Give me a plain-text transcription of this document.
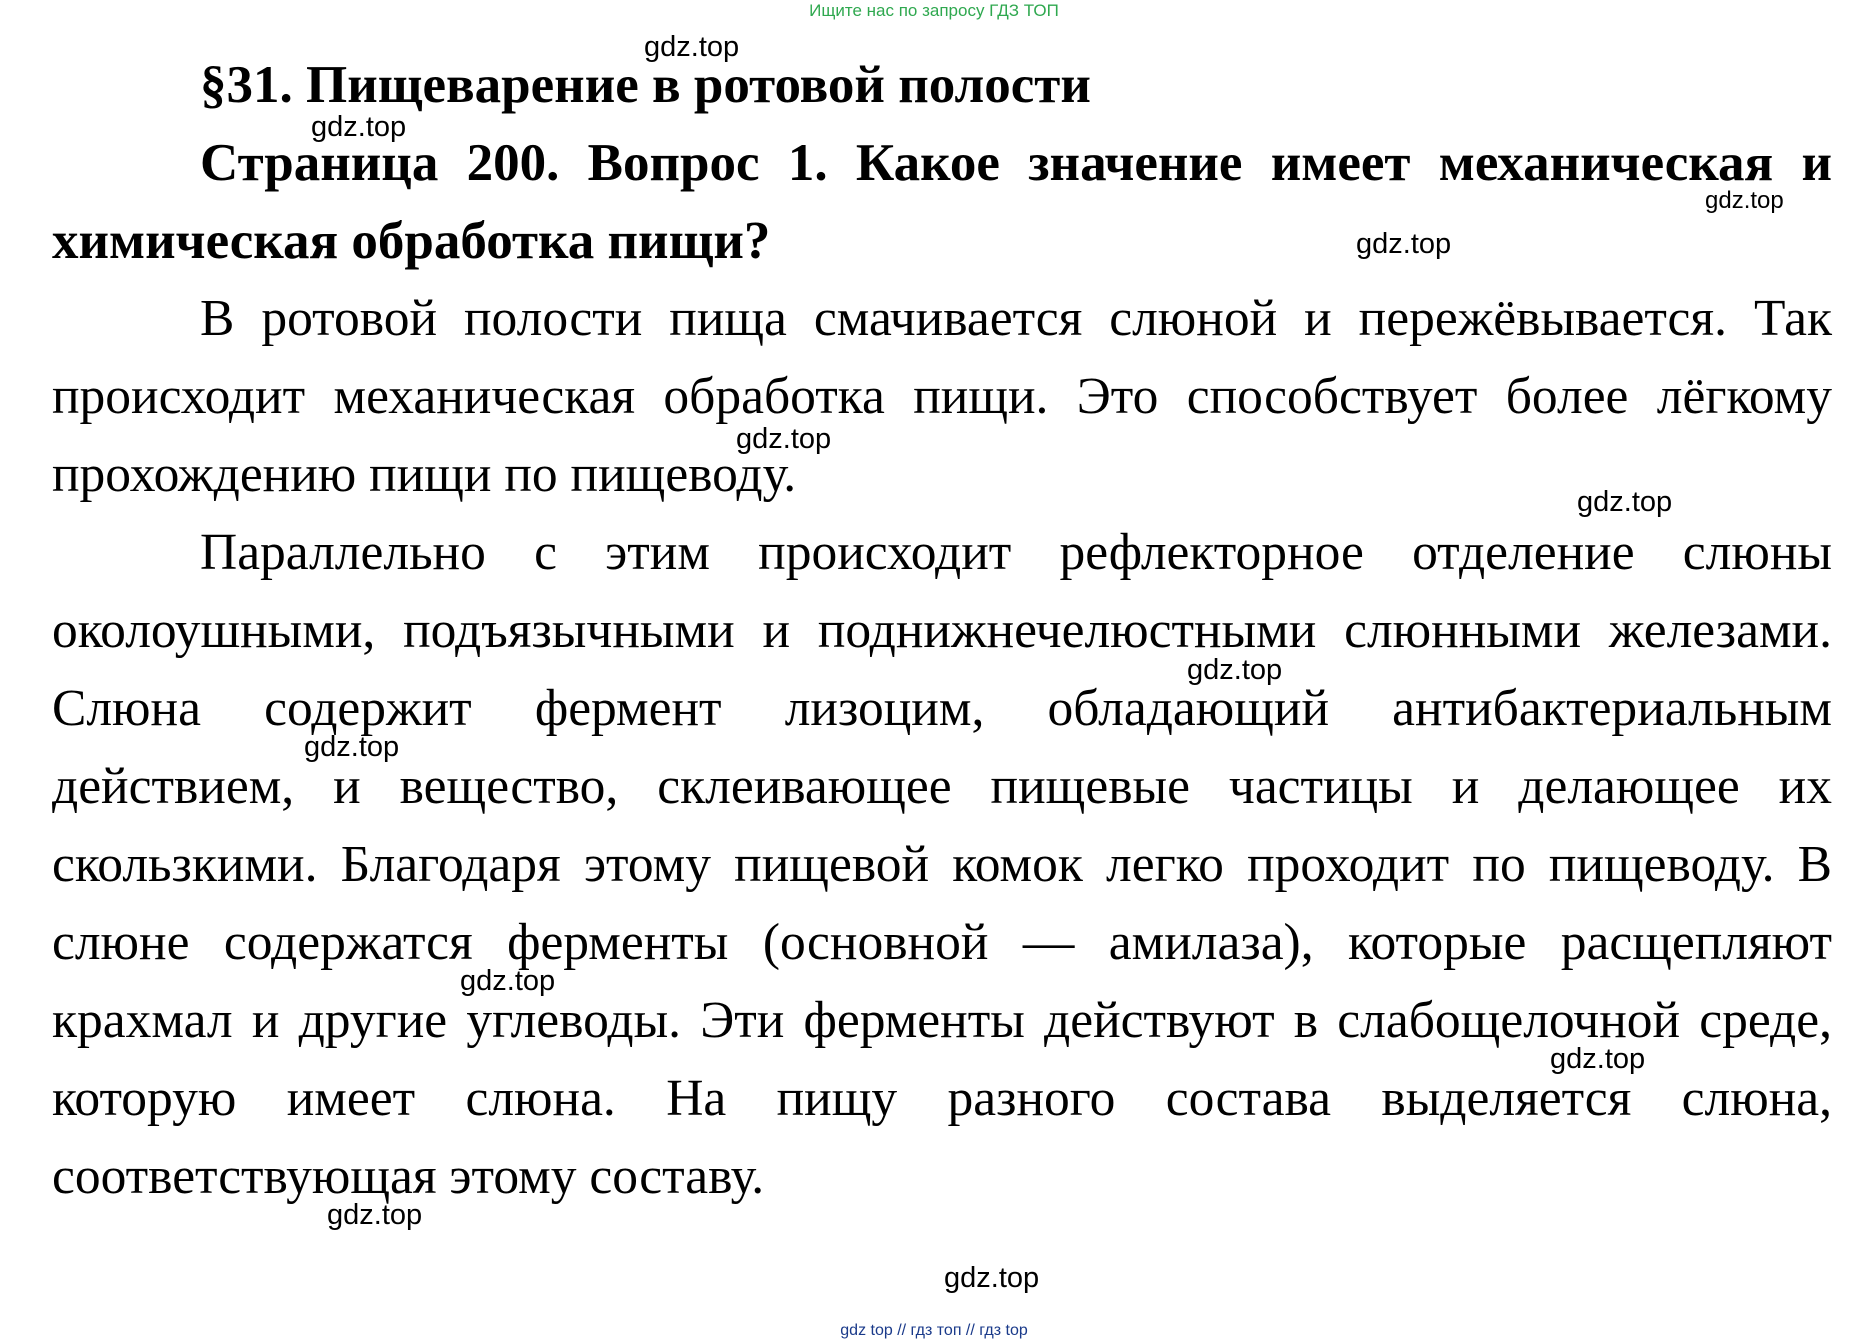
Ищите нас по запросу ГДЗ ТОП
§31. Пищеварение в ротовой полости

Страница 200. Вопрос 1. Какое значение имеет механическая и химическая обработка пищи?

В ротовой полости пища смачивается слюной и пережёвывается. Так происходит механическая обработка пищи. Это способствует более лёгкому прохождению пищи по пищеводу.

Параллельно с этим происходит рефлекторное отделение слюны околоушными, подъязычными и поднижнечелюстными слюнными железами. Слюна содержит фермент лизоцим, обладающий антибактериальным действием, и вещество, склеивающее пищевые частицы и делающее их скользкими. Благодаря этому пищевой комок легко проходит по пищеводу. В слюне содержатся ферменты (основной — амилаза), которые расщепляют крахмал и другие углеводы. Эти ферменты действуют в слабощелочной среде, которую имеет слюна. На пищу разного состава выделяется слюна, соответствующая этому составу.

gdz.top
gdz.top
gdz.top
gdz.top
gdz.top
gdz.top
gdz.top
gdz.top
gdz.top
gdz.top
gdz.top
gdz.top
gdz top // гдз топ // гдз top
